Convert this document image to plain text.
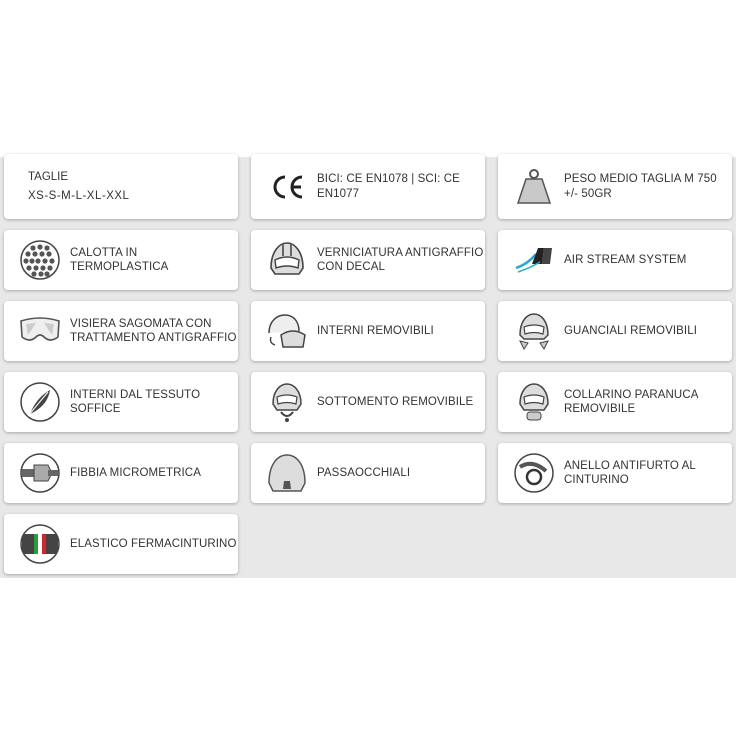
TAGLIE
XS-S-M-L-XL-XXL
BICI: CE EN1078 | SCI: CE EN1077
PESO MEDIO TAGLIA M 750 +/- 50GR
CALOTTA IN TERMOPLASTICA
VERNICIATURA ANTIGRAFFIO CON DECAL
AIR STREAM SYSTEM
VISIERA SAGOMATA CON TRATTAMENTO ANTIGRAFFIO
INTERNI REMOVIBILI	GUANCIALI REMOVIBILI
INTERNI DAL TESSUTO SOFFICE
SOTTOMENTO REMOVIBILE
COLLARINO PARANUCA REMOVIBILE
FIBBIA MICROMETRICA	PASSAOCCHIALI
ANELLO ANTIFURTO AL CINTURINO
ELASTICO FERMACINTURINO
